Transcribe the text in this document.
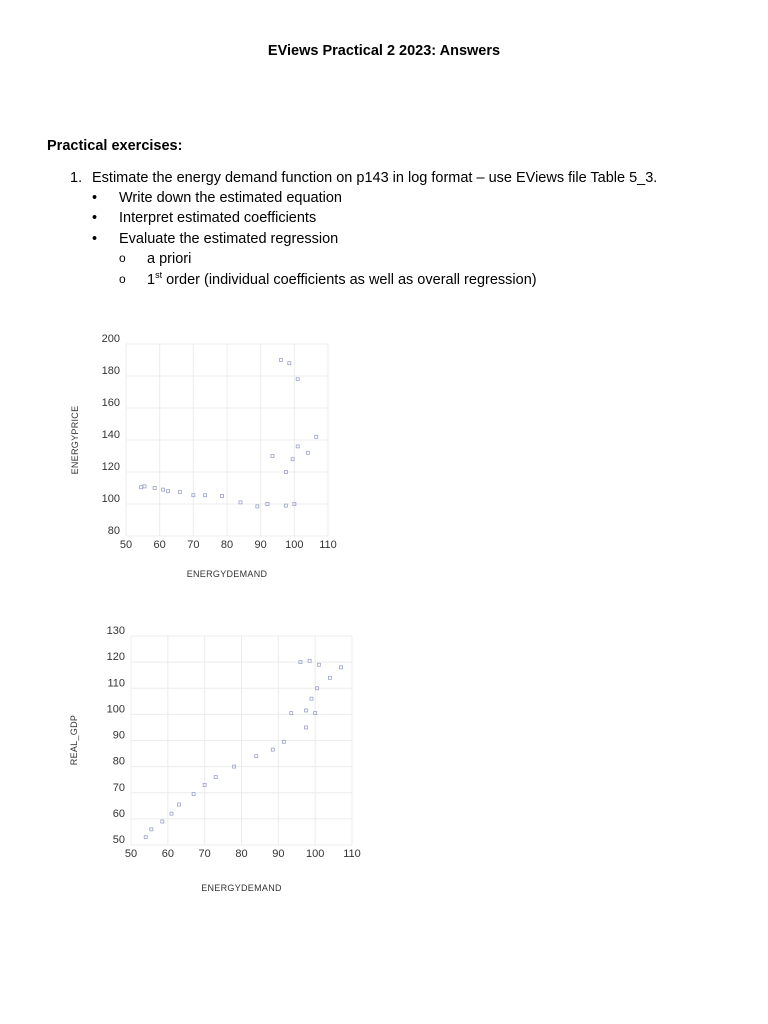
EViews Practical 2 2023: Answers
Practical exercises:
1. Estimate the energy demand function on p143 in log format – use EViews file Table 5_3.
• Write down the estimated equation
• Interpret estimated coefficients
• Evaluate the estimated regression
o a priori
o 1st order (individual coefficients as well as overall regression)
50 60 70 80 90 100 110
80
100
120
140
160
180
200
ENERGYDEMAND
ENERGYPRICE
50 60 70 80 90 100 110
50
60
70
80
90
100
110
120
130
ENERGYDEMAND
REAL_GDP
